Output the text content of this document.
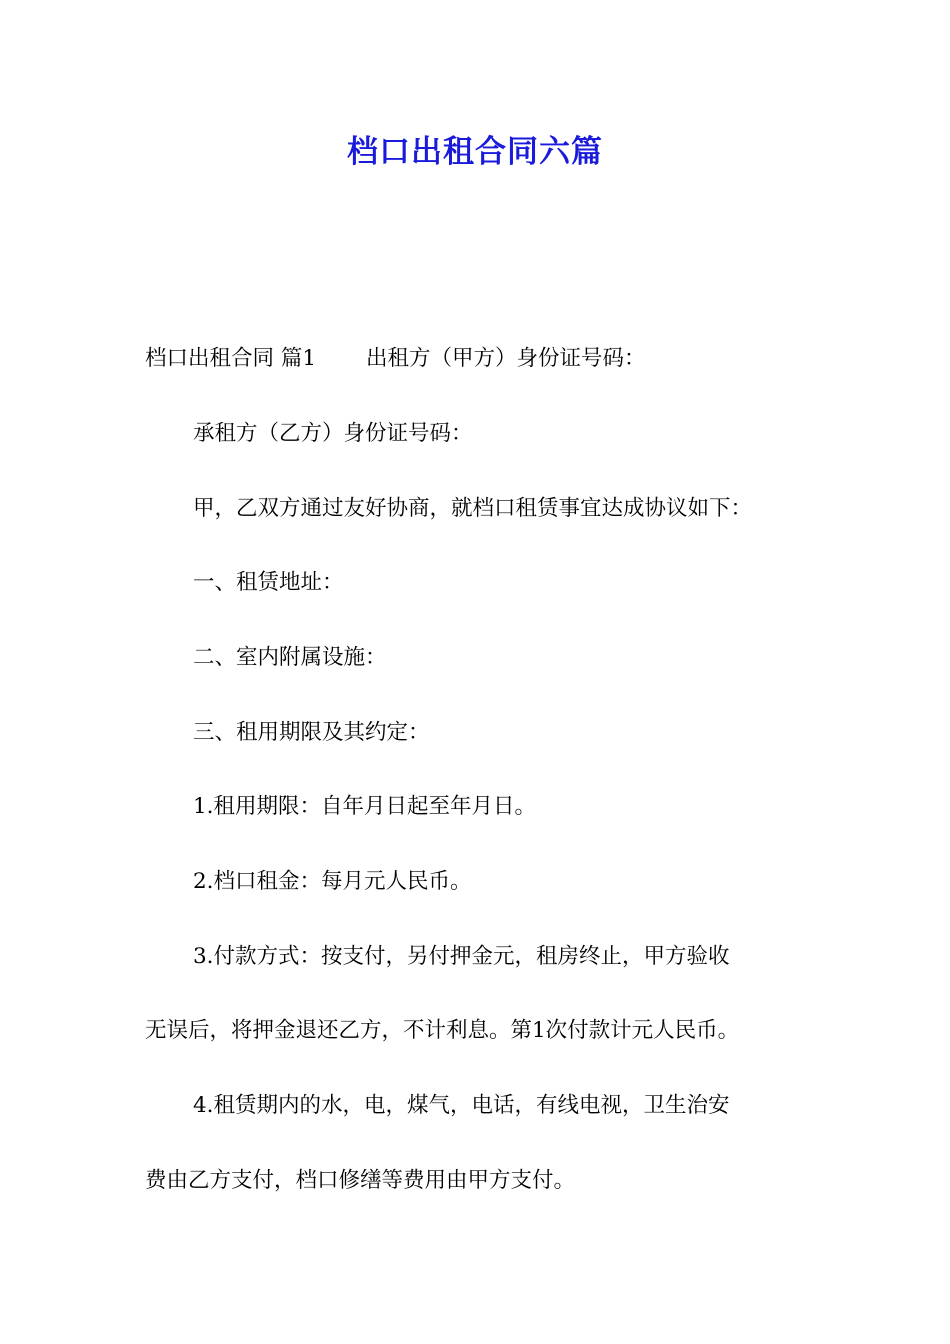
档口出租合同六篇

档口出租合同 篇1 出租方（甲方）身份证号码：

承租方（乙方）身份证号码：

甲，乙双方通过友好协商，就档口租赁事宜达成协议如下：

一、租赁地址：

二、室内附属设施：

三、租用期限及其约定：

1.租用期限：自年月日起至年月日。

2.档口租金：每月元人民币。

3.付款方式：按支付，另付押金元，租房终止，甲方验收

无误后，将押金退还乙方，不计利息。第1次付款计元人民币。

4.租赁期内的水，电，煤气，电话，有线电视，卫生治安

费由乙方支付，档口修缮等费用由甲方支付。
